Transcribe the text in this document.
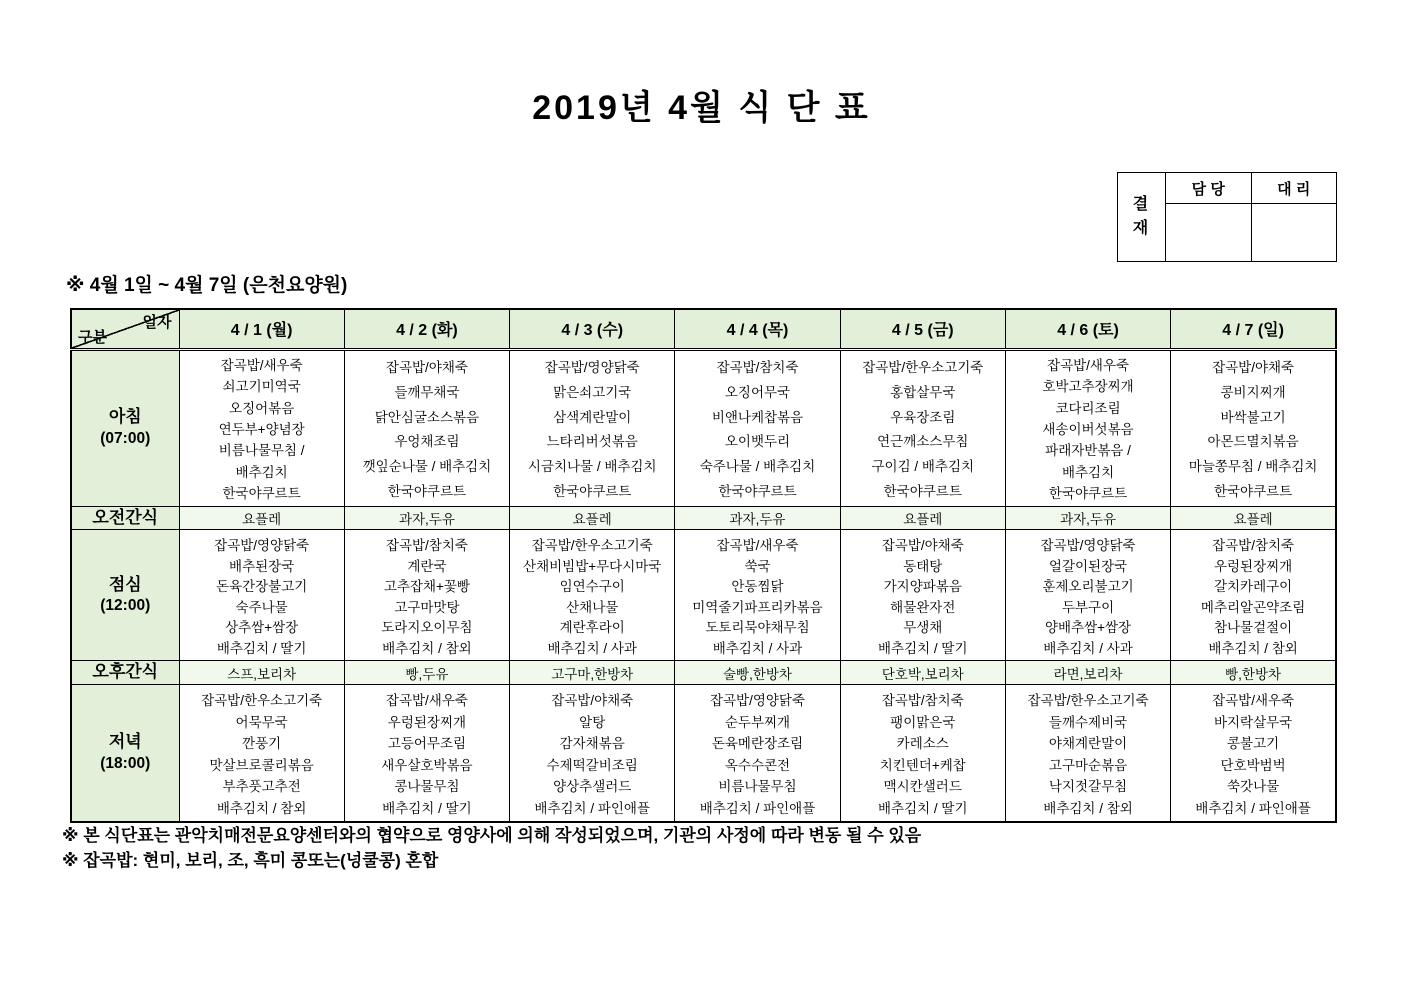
2019년 4월 식 단 표
결재	담 당	대 리

※ 4월 1일 ~ 4월 7일 (은천요양원)
일자
구분	4 / 1 (월)	4 / 2 (화)	4 / 3 (수)	4 / 4 (목)	4 / 5 (금)	4 / 6 (토)	4 / 7 (일)

아침
(07:00)

잡곡밥/새우죽
쇠고기미역국
오징어볶음
연두부+양념장
비름나물무침 /
배추김치
한국야쿠르트

잡곡밥/야채죽
들깨무채국
닭안심굴소스볶음
우엉채조림
깻잎순나물 / 배추김치
한국야쿠르트

잡곡밥/영양닭죽
맑은쇠고기국
삼색계란말이
느타리버섯볶음
시금치나물 / 배추김치
한국야쿠르트

잡곡밥/참치죽
오징어무국
비앤나케찹볶음
오이뱃두리
숙주나물 / 배추김치
한국야쿠르트

잡곡밥/한우소고기죽
홍합살무국
우육장조림
연근깨소스무침
구이김 / 배추김치
한국야쿠르트

잡곡밥/새우죽
호박고추장찌개
코다리조림
새송이버섯볶음
파래자반볶음 /
배추김치
한국야쿠르트

잡곡밥/야채죽
콩비지찌개
바싹불고기
아몬드멸치볶음
마늘쫑무침 / 배추김치
한국야쿠르트

오전간식	요플레	과자,두유	요플레	과자,두유	요플레	과자,두유	요플레

점심
(12:00)

잡곡밥/영양닭죽
배추된장국
돈육간장불고기
숙주나물
상추쌈+쌈장
배추김치 / 딸기

잡곡밥/참치죽
계란국
고추잡채+꽃빵
고구마맛탕
도라지오이무침
배추김치 / 참외

잡곡밥/한우소고기죽
산채비빔밥+무다시마국
임연수구이
산채나물
계란후라이
배추김치 / 사과

잡곡밥/새우죽
쑥국
안동찜닭
미역줄기파프리카볶음
도토리묵야채무침
배추김치 / 사과

잡곡밥/야채죽
동태탕
가지양파볶음
해물완자전
무생채
배추김치 / 딸기

잡곡밥/영양닭죽
얼갈이된장국
훈제오리불고기
두부구이
양배추쌈+쌈장
배추김치 / 사과

잡곡밥/참치죽
우렁된장찌개
갈치카레구이
메추리알곤약조림
참나물겉절이
배추김치 / 참외

오후간식	스프,보리차	빵,두유	고구마,한방차	술빵,한방차	단호박,보리차	라면,보리차	빵,한방차

저녁
(18:00)

잡곡밥/한우소고기죽
어묵무국
깐풍기
맛살브로콜리볶음
부추풋고추전
배추김치 / 참외

잡곡밥/새우죽
우렁된장찌개
고등어무조림
새우살호박볶음
콩나물무침
배추김치 / 딸기

잡곡밥/야채죽
알탕
감자채볶음
수제떡갈비조림
양상추샐러드
배추김치 / 파인애플

잡곡밥/영양닭죽
순두부찌개
돈육메란장조림
옥수수콘전
비름나물무침
배추김치 / 파인애플

잡곡밥/참치죽
팽이맑은국
카레소스
치킨텐더+케찹
맥시칸샐러드
배추김치 / 딸기

잡곡밥/한우소고기죽
들깨수제비국
야채계란말이
고구마순볶음
낙지젓갈무침
배추김치 / 참외

잡곡밥/새우죽
바지락살무국
콩불고기
단호박범벅
쑥갓나물
배추김치 / 파인애플
※ 본 식단표는 관악치매전문요양센터와의 협약으로 영양사에 의해 작성되었으며, 기관의 사정에 따라 변동 될 수 있음
※ 잡곡밥: 현미, 보리, 조, 흑미 콩또는(넝쿨콩) 혼합
